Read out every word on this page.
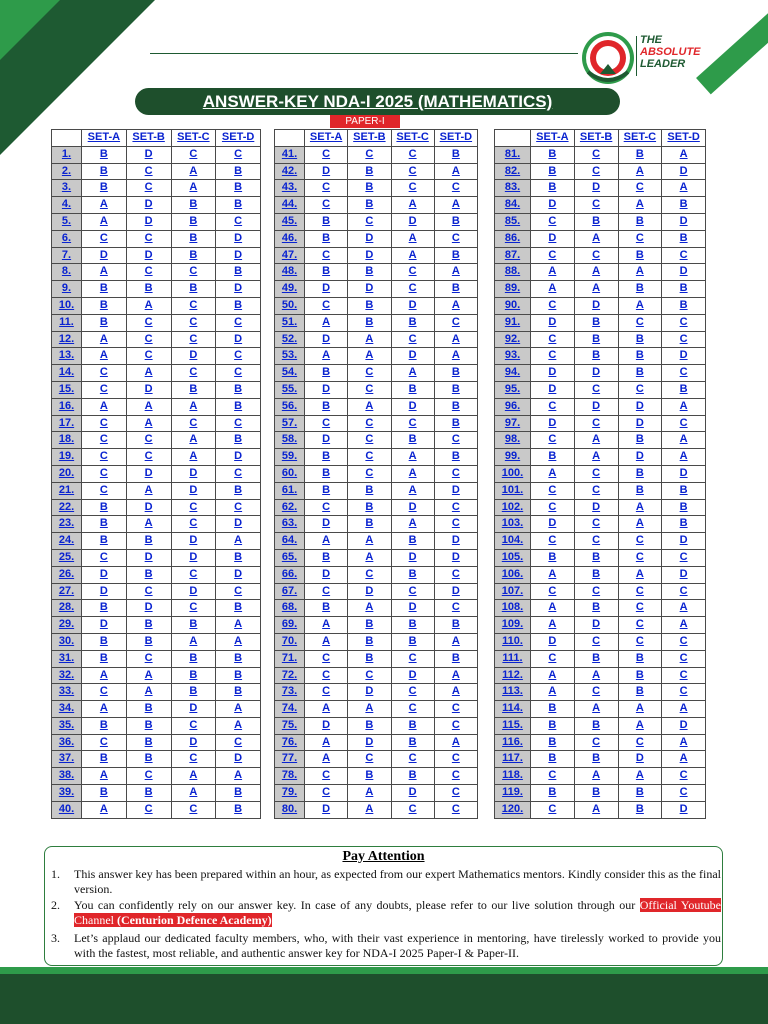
THE
ABSOLUTE
LEADER
ANSWER-KEY NDA-I 2025 (MATHEMATICS)
PAPER-I
	SET-A	SET-B	SET-C	SET-D
1.	B	D	C	C
2.	B	C	A	B
3.	B	C	A	B
4.	A	D	B	B
5.	A	D	B	C
6.	C	C	B	D
7.	D	D	B	D
8.	A	C	C	B
9.	B	B	B	D
10.	B	A	C	B
11.	B	C	C	C
12.	A	C	C	D
13.	A	C	D	C
14.	C	A	C	C
15.	C	D	B	B
16.	A	A	A	B
17.	C	A	C	C
18.	C	C	A	B
19.	C	C	A	D
20.	C	D	D	C
21.	C	A	D	B
22.	B	D	C	C
23.	B	A	C	D
24.	B	B	D	A
25.	C	D	D	B
26.	D	B	C	D
27.	D	C	D	C
28.	B	D	C	B
29.	D	B	B	A
30.	B	B	A	A
31.	B	C	B	B
32.	A	A	B	B
33.	C	A	B	B
34.	A	B	D	A
35.	B	B	C	A
36.	C	B	D	C
37.	B	B	C	D
38.	A	C	A	A
39.	B	B	A	B
40.	A	C	C	B
	SET-A	SET-B	SET-C	SET-D
41.	C	C	C	B
42.	D	B	C	A
43.	C	B	C	C
44.	C	B	A	A
45.	B	C	D	B
46.	B	D	A	C
47.	C	D	A	B
48.	B	B	C	A
49.	D	D	C	B
50.	C	B	D	A
51.	A	B	B	C
52.	D	A	C	A
53.	A	A	D	A
54.	B	C	A	B
55.	D	C	B	B
56.	B	A	D	B
57.	C	C	C	B
58.	D	C	B	C
59.	B	C	A	B
60.	B	C	A	C
61.	B	B	A	D
62.	C	B	D	C
63.	D	B	A	C
64.	A	A	B	D
65.	B	A	D	D
66.	D	C	B	C
67.	C	D	C	D
68.	B	A	D	C
69.	A	B	B	B
70.	A	B	B	A
71.	C	B	C	B
72.	C	C	D	A
73.	C	D	C	A
74.	A	A	C	C
75.	D	B	B	C
76.	A	D	B	A
77.	A	C	C	C
78.	C	B	B	C
79.	C	A	D	C
80.	D	A	C	C
	SET-A	SET-B	SET-C	SET-D
81.	B	C	B	A
82.	B	C	A	D
83.	B	D	C	A
84.	D	C	A	B
85.	C	B	B	D
86.	D	A	C	B
87.	C	C	B	C
88.	A	A	A	D
89.	A	A	B	B
90.	C	D	A	B
91.	D	B	C	C
92.	C	B	B	C
93.	C	B	B	D
94.	D	D	B	C
95.	D	C	C	B
96.	C	D	D	A
97.	D	C	D	C
98.	C	A	B	A
99.	B	A	D	A
100.	A	C	B	D
101.	C	C	B	B
102.	C	D	A	B
103.	D	C	A	B
104.	C	C	C	D
105.	B	B	C	C
106.	A	B	A	D
107.	C	C	C	C
108.	A	B	C	A
109.	A	D	C	A
110.	D	C	C	C
111.	C	B	B	C
112.	A	A	B	C
113.	A	C	B	C
114.	B	A	A	A
115.	B	B	A	D
116.	B	C	C	A
117.	B	B	D	A
118.	C	A	A	C
119.	B	B	B	C
120.	C	A	B	D
Pay Attention
1. This answer key has been prepared within an hour, as expected from our expert Mathematics mentors. Kindly consider this as the final version.
2. You can confidently rely on our answer key. In case of any doubts, please refer to our live solution through our Official Youtube Channel (Centurion Defence Academy)
3. Let’s applaud our dedicated faculty members, who, with their vast experience in mentoring, have tirelessly worked to provide you with the fastest, most reliable, and authentic answer key for NDA-I 2025 Paper-I & Paper-II.
